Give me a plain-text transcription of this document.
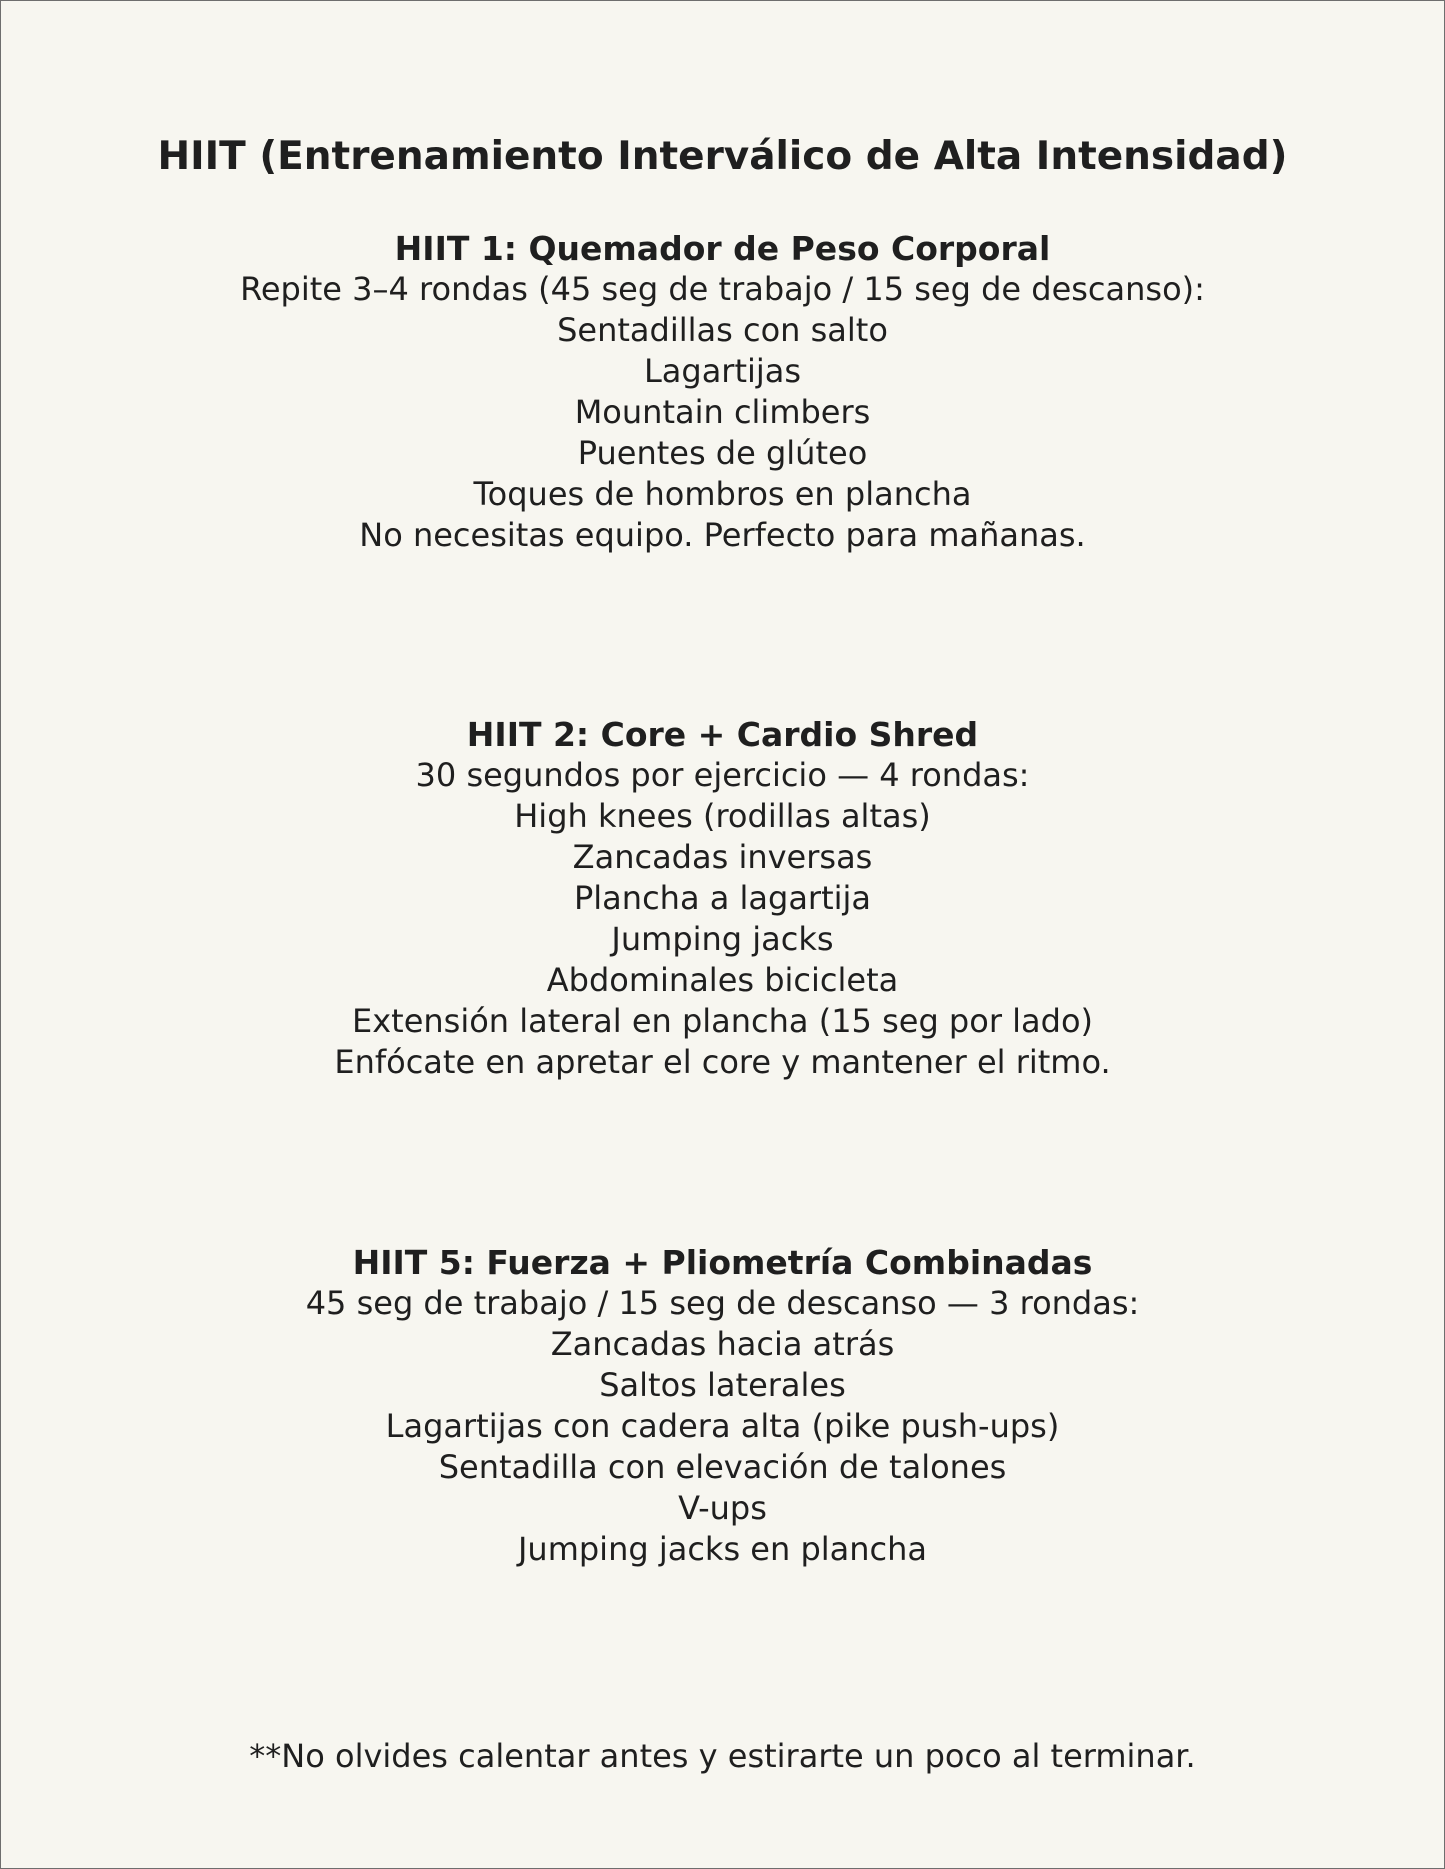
HIIT (Entrenamiento Interválico de Alta Intensidad)
HIIT 1: Quemador de Peso Corporal

Repite 3–4 rondas (45 seg de trabajo / 15 seg de descanso):

Sentadillas con salto
Lagartijas
Mountain climbers
Puentes de glúteo
Toques de hombros en plancha

No necesitas equipo. Perfecto para mañanas.

HIIT 2: Core + Cardio Shred

30 segundos por ejercicio — 4 rondas:

High knees (rodillas altas)
Zancadas inversas
Plancha a lagartija
Jumping jacks
Abdominales bicicleta
Extensión lateral en plancha (15 seg por lado)

Enfócate en apretar el core y mantener el ritmo.

HIIT 5: Fuerza + Pliometría Combinadas

45 seg de trabajo / 15 seg de descanso — 3 rondas:

Zancadas hacia atrás
Saltos laterales
Lagartijas con cadera alta (pike push-ups)
Sentadilla con elevación de talones
V-ups
Jumping jacks en plancha

**No olvides calentar antes y estirarte un poco al terminar.
